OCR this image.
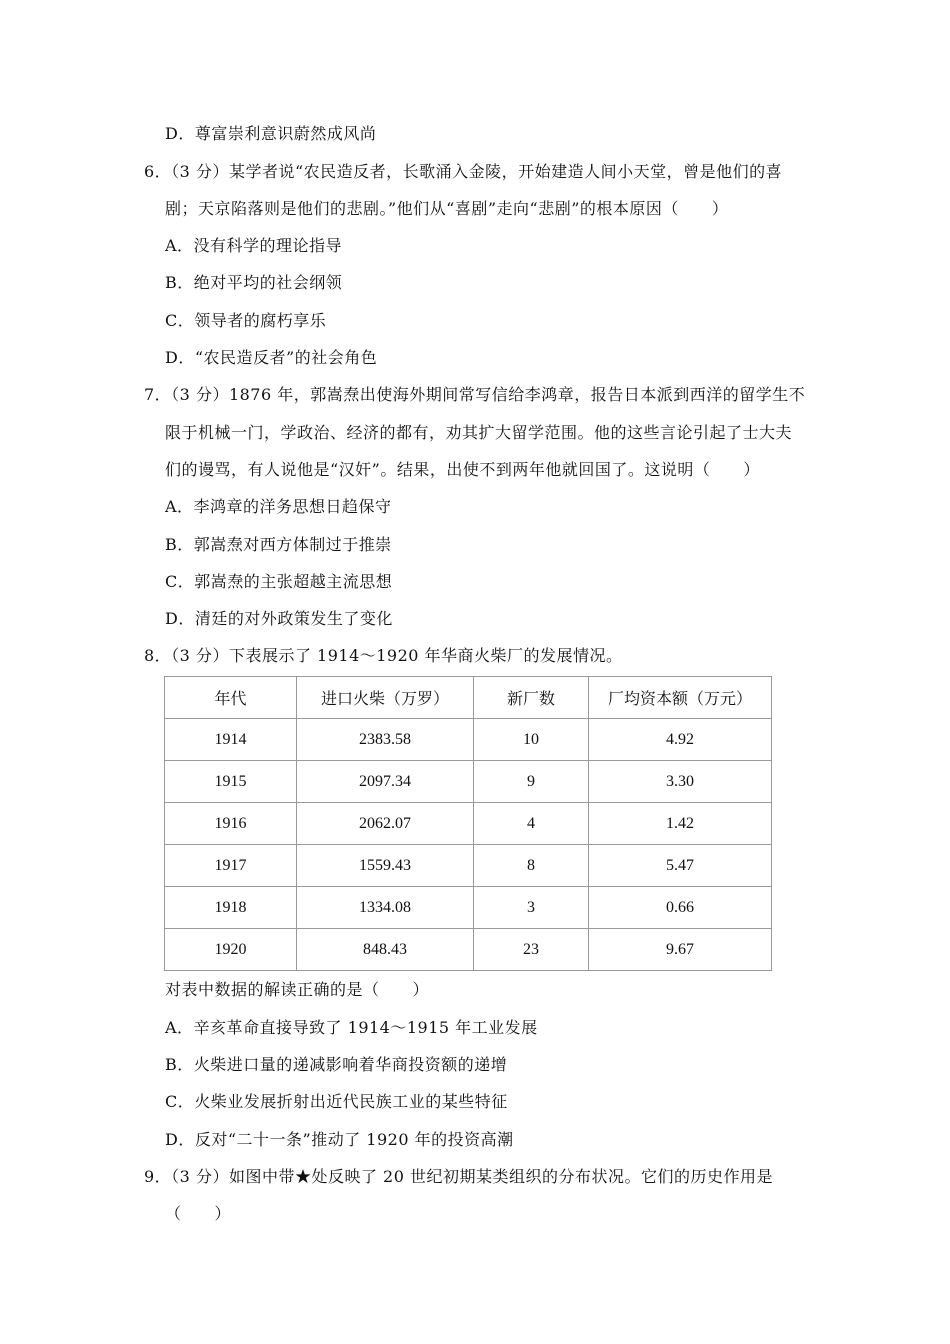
D．尊富崇利意识蔚然成风尚
6．（3 分）某学者说“农民造反者，长歌涌入金陵，开始建造人间小天堂，曾是他们的喜
剧；天京陷落则是他们的悲剧。”他们从“喜剧”走向“悲剧”的根本原因（　　）
A．没有科学的理论指导
B．绝对平均的社会纲领
C．领导者的腐朽享乐
D．“农民造反者”的社会角色
7．（3 分）1876 年，郭嵩焘出使海外期间常写信给李鸿章，报告日本派到西洋的留学生不
限于机械一门，学政治、经济的都有，劝其扩大留学范围。他的这些言论引起了士大夫
们的谩骂，有人说他是“汉奸”。结果，出使不到两年他就回国了。这说明（　　）
A．李鸿章的洋务思想日趋保守
B．郭嵩焘对西方体制过于推崇
C．郭嵩焘的主张超越主流思想
D．清廷的对外政策发生了变化
8．（3 分）下表展示了 1914～1920 年华商火柴厂的发展情况。
年代	进口火柴（万罗）	新厂数	厂均资本额（万元）
1914	2383.58	10	4.92
1915	2097.34	9	3.30
1916	2062.07	4	1.42
1917	1559.43	8	5.47
1918	1334.08	3	0.66
1920	848.43	23	9.67
对表中数据的解读正确的是（　　）
A．辛亥革命直接导致了 1914～1915 年工业发展
B．火柴进口量的递减影响着华商投资额的递增
C．火柴业发展折射出近代民族工业的某些特征
D．反对“二十一条”推动了 1920 年的投资高潮
9．（3 分）如图中带★处反映了 20 世纪初期某类组织的分布状况。它们的历史作用是
（　　）
